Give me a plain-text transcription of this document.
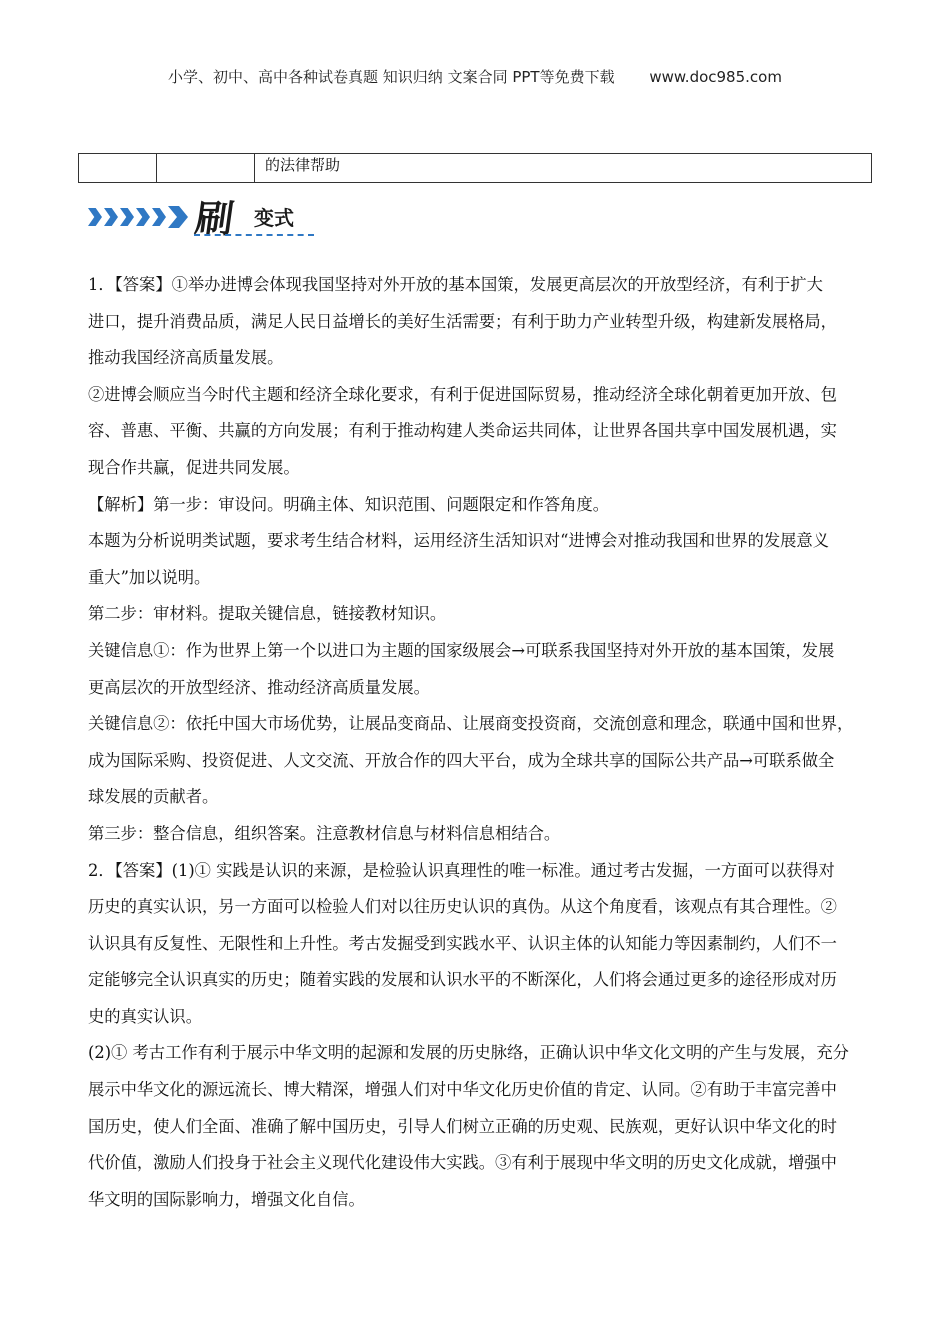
小学、初中、高中各种试卷真题 知识归纳 文案合同 PPT等免费下载 www.doc985.com
的法律帮助
刷 变式

1．【答案】①举办进博会体现我国坚持对外开放的基本国策，发展更高层次的开放型经济，有利于扩大

进口，提升消费品质，满足人民日益增长的美好生活需要；有利于助力产业转型升级，构建新发展格局，

推动我国经济高质量发展。

②进博会顺应当今时代主题和经济全球化要求，有利于促进国际贸易，推动经济全球化朝着更加开放、包

容、普惠、平衡、共赢的方向发展；有利于推动构建人类命运共同体，让世界各国共享中国发展机遇，实

现合作共赢，促进共同发展。

【解析】第一步：审设问。明确主体、知识范围、问题限定和作答角度。

本题为分析说明类试题，要求考生结合材料，运用经济生活知识对“进博会对推动我国和世界的发展意义

重大”加以说明。

第二步：审材料。提取关键信息，链接教材知识。

关键信息①：作为世界上第一个以进口为主题的国家级展会→可联系我国坚持对外开放的基本国策，发展

更高层次的开放型经济、推动经济高质量发展。

关键信息②：依托中国大市场优势，让展品变商品、让展商变投资商，交流创意和理念，联通中国和世界，

成为国际采购、投资促进、人文交流、开放合作的四大平台，成为全球共享的国际公共产品→可联系做全

球发展的贡献者。

第三步：整合信息，组织答案。注意教材信息与材料信息相结合。

2．【答案】(1)① 实践是认识的来源，是检验认识真理性的唯一标准。通过考古发掘，一方面可以获得对

历史的真实认识，另一方面可以检验人们对以往历史认识的真伪。从这个角度看，该观点有其合理性。②

认识具有反复性、无限性和上升性。考古发掘受到实践水平、认识主体的认知能力等因素制约，人们不一

定能够完全认识真实的历史；随着实践的发展和认识水平的不断深化，人们将会通过更多的途径形成对历

史的真实认识。

(2)① 考古工作有利于展示中华文明的起源和发展的历史脉络，正确认识中华文化文明的产生与发展，充分

展示中华文化的源远流长、博大精深，增强人们对中华文化历史价值的肯定、认同。②有助于丰富完善中

国历史，使人们全面、准确了解中国历史，引导人们树立正确的历史观、民族观，更好认识中华文化的时

代价值，激励人们投身于社会主义现代化建设伟大实践。③有利于展现中华文明的历史文化成就，增强中

华文明的国际影响力，增强文化自信。
